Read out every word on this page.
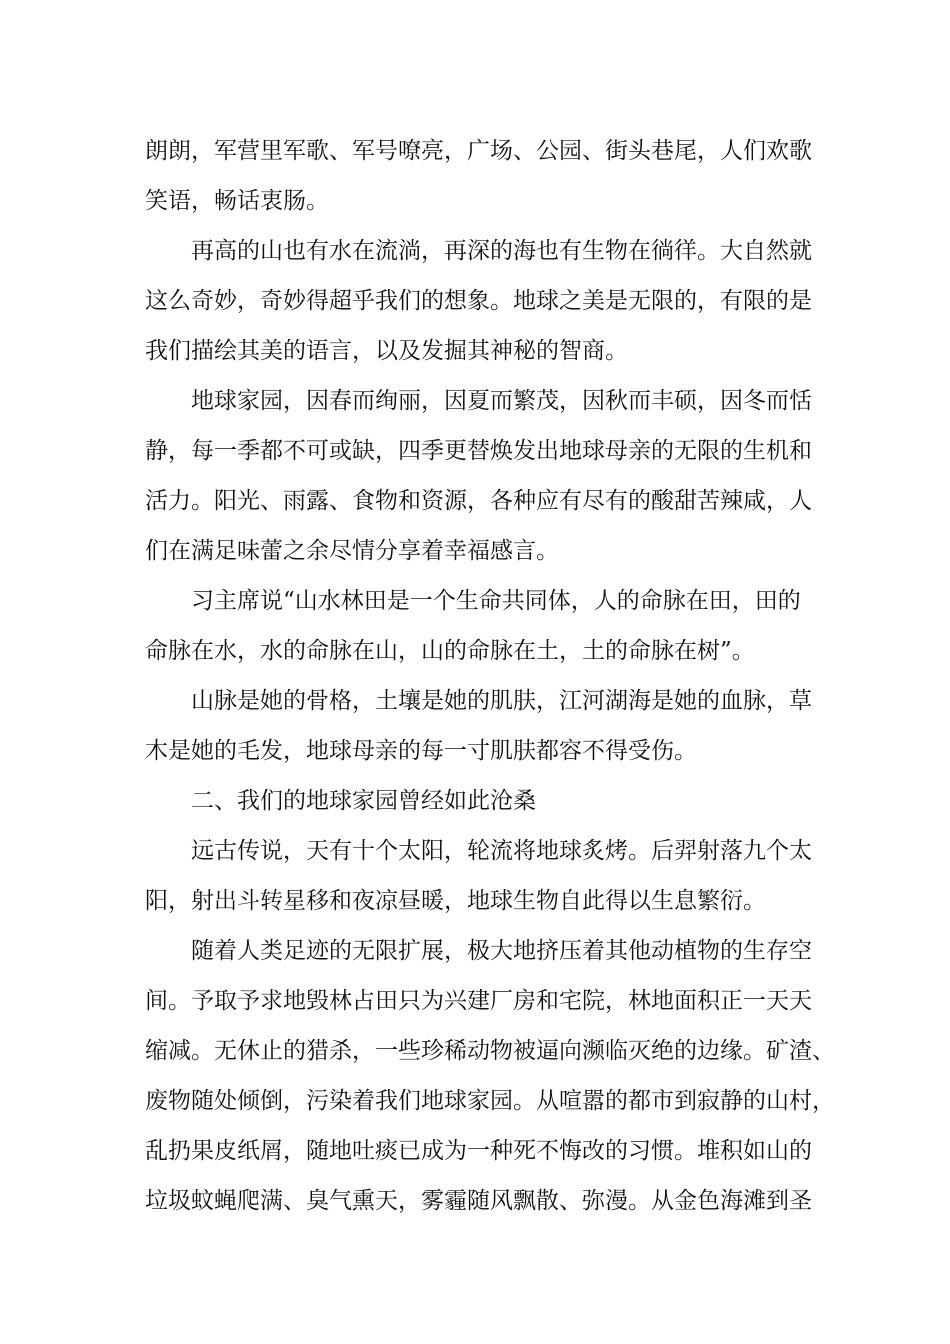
朗朗，军营里军歌、军号嘹亮，广场、公园、街头巷尾，人们欢歌
笑语，畅话衷肠。
再高的山也有水在流淌，再深的海也有生物在徜徉。大自然就
这么奇妙，奇妙得超乎我们的想象。地球之美是无限的，有限的是
我们描绘其美的语言，以及发掘其神秘的智商。
地球家园，因春而绚丽，因夏而繁茂，因秋而丰硕，因冬而恬
静，每一季都不可或缺，四季更替焕发出地球母亲的无限的生机和
活力。阳光、雨露、食物和资源，各种应有尽有的酸甜苦辣咸，人
们在满足味蕾之余尽情分享着幸福感言。
习主席说“山水林田是一个生命共同体，人的命脉在田，田的
命脉在水，水的命脉在山，山的命脉在土，土的命脉在树”。
山脉是她的骨格，土壤是她的肌肤，江河湖海是她的血脉，草
木是她的毛发，地球母亲的每一寸肌肤都容不得受伤。
二、我们的地球家园曾经如此沧桑
远古传说，天有十个太阳，轮流将地球炙烤。后羿射落九个太
阳，射出斗转星移和夜凉昼暖，地球生物自此得以生息繁衍。
随着人类足迹的无限扩展，极大地挤压着其他动植物的生存空
间。予取予求地毁林占田只为兴建厂房和宅院，林地面积正一天天
缩减。无休止的猎杀，一些珍稀动物被逼向濒临灭绝的边缘。矿渣、
废物随处倾倒，污染着我们地球家园。从喧嚣的都市到寂静的山村，
乱扔果皮纸屑，随地吐痰已成为一种死不悔改的习惯。堆积如山的
垃圾蚊蝇爬满、臭气熏天，雾霾随风飘散、弥漫。从金色海滩到圣
